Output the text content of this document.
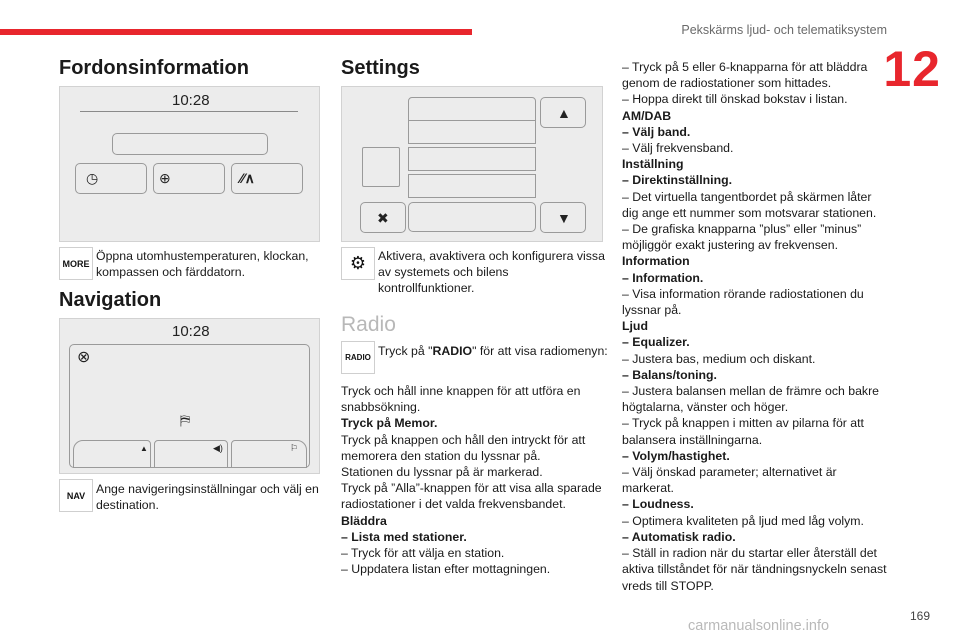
Pekskärms ljud- och telematiksystem
12
Fordonsinformation
10:28
◷	⊕	⁄⁄∧
MORE
Öppna utomhustemperaturen, klockan, kompassen och färddatorn.
Navigation
10:28
⊗
⛿
▲	◀)	⚐
NAV Ange navigeringsinställningar och välj en destination.
Settings
▲
▼
✖
⚙ Aktivera, avaktivera och konfigurera vissa av systemets och bilens kontrollfunktioner.
Radio
RADIO Tryck på "RADIO" för att visa radiomenyn:

Tryck och håll inne knappen för att utföra en snabbsökning.

Tryck på Memor.

Tryck på knappen och håll den intryckt för att memorera den station du lyssnar på.

Stationen du lyssnar på är markerad.

Tryck på ”Alla”-knappen för att visa alla sparade radiostationer i det valda frekvensbandet.

Bläddra

– Lista med stationer.

– Tryck för att välja en station.

– Uppdatera listan efter mottagningen.

– Tryck på 5 eller 6-knapparna för att bläddra genom de radiostationer som hittades.

– Hoppa direkt till önskad bokstav i listan.

AM/DAB

– Välj band.

– Välj frekvensband.

Inställning

– Direktinställning.

– Det virtuella tangentbordet på skärmen låter dig ange ett nummer som motsvarar stationen.

– De grafiska knapparna ”plus” eller ”minus” möjliggör exakt justering av frekvensen.

Information

– Information.

– Visa information rörande radiostationen du lyssnar på.

Ljud

– Equalizer.

– Justera bas, medium och diskant.

– Balans/toning.

– Justera balansen mellan de främre och bakre högtalarna, vänster och höger.

– Tryck på knappen i mitten av pilarna för att balansera inställningarna.

– Volym/hastighet.

– Välj önskad parameter; alternativet är markerat.

– Loudness.

– Optimera kvaliteten på ljud med låg volym.

– Automatisk radio.

– Ställ in radion när du startar eller återställ det aktiva tillståndet för när tändningsnyckeln senast vreds till STOPP.

169
carmanualsonline.info
